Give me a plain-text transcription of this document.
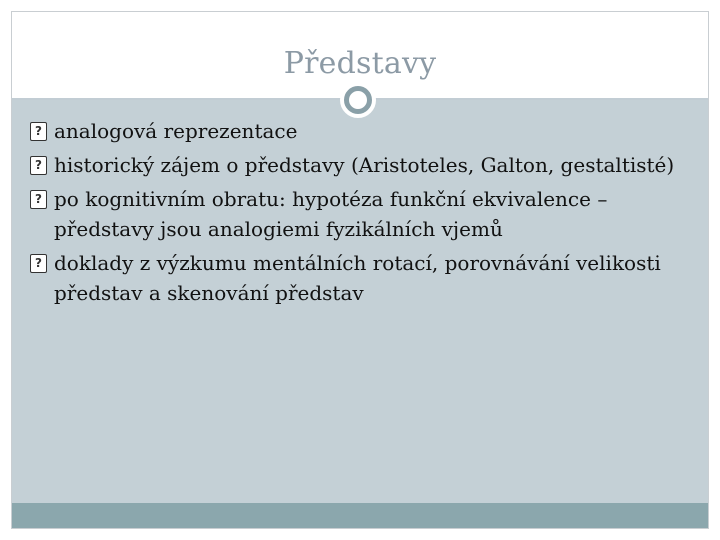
Představy
? analogová reprezentace
? historický zájem o představy (Aristoteles, Galton, gestaltisté)
? po kognitivním obratu: hypotéza funkční ekvivalence – představy jsou analogiemi fyzikálních vjemů
? doklady z výzkumu mentálních rotací, porovnávání velikosti představ a skenování představ
